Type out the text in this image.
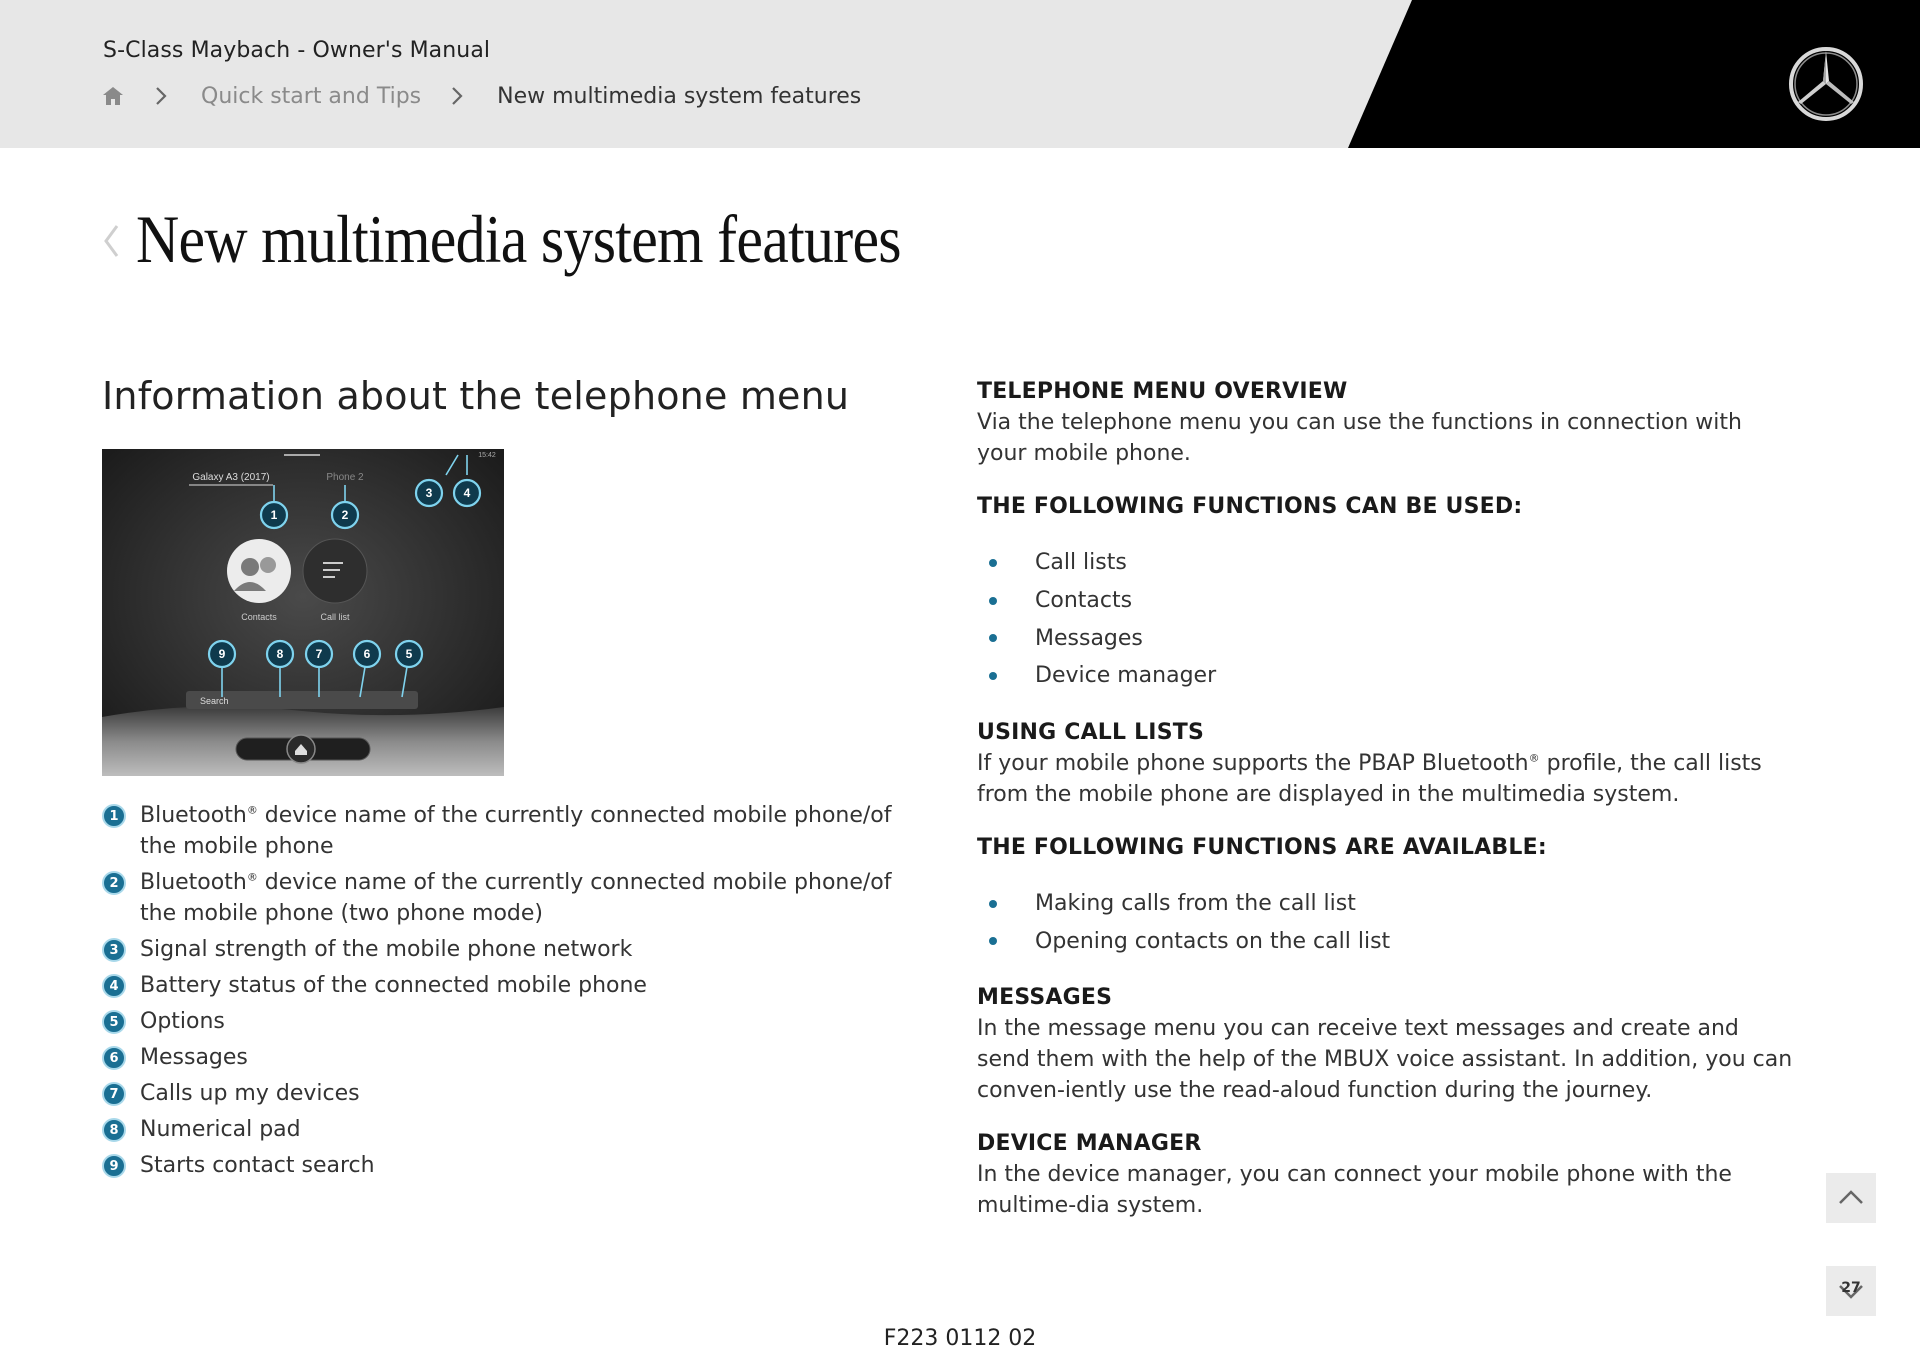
S-Class Maybach - Owner's Manual
Quick start and Tips	New multimedia system features
New multimedia system features
Information about the telephone menu
Galaxy A3 (2017)	Phone 2
15:42
Contacts	Call list
Search
1	2
3	4
5
6
7
8
9
1 Bluetooth® device name of the currently connected mobile phone/of the mobile phone
2 Bluetooth® device name of the currently connected mobile phone/of the mobile phone (two phone mode)
3 Signal strength of the mobile phone network
4 Battery status of the connected mobile phone
5 Options
6 Messages
7 Calls up my devices
8 Numerical pad
9 Starts contact search

TELEPHONE MENU OVERVIEW

Via the telephone menu you can use the functions in connection with your mobile phone.

THE FOLLOWING FUNCTIONS CAN BE USED:

Call lists
Contacts
Messages
Device manager

USING CALL LISTS

If your mobile phone supports the PBAP Bluetooth® profile, the call lists from the mobile phone are displayed in the multimedia system.

THE FOLLOWING FUNCTIONS ARE AVAILABLE:

Making calls from the call list
Opening contacts on the call list

MESSAGES

In the message menu you can receive text messages and create and send them with the help of the MBUX voice assistant. In addition, you can conven-iently use the read-aloud function during the journey.

DEVICE MANAGER

In the device manager, you can connect your mobile phone with the multime-dia system.

27
F223 0112 02
